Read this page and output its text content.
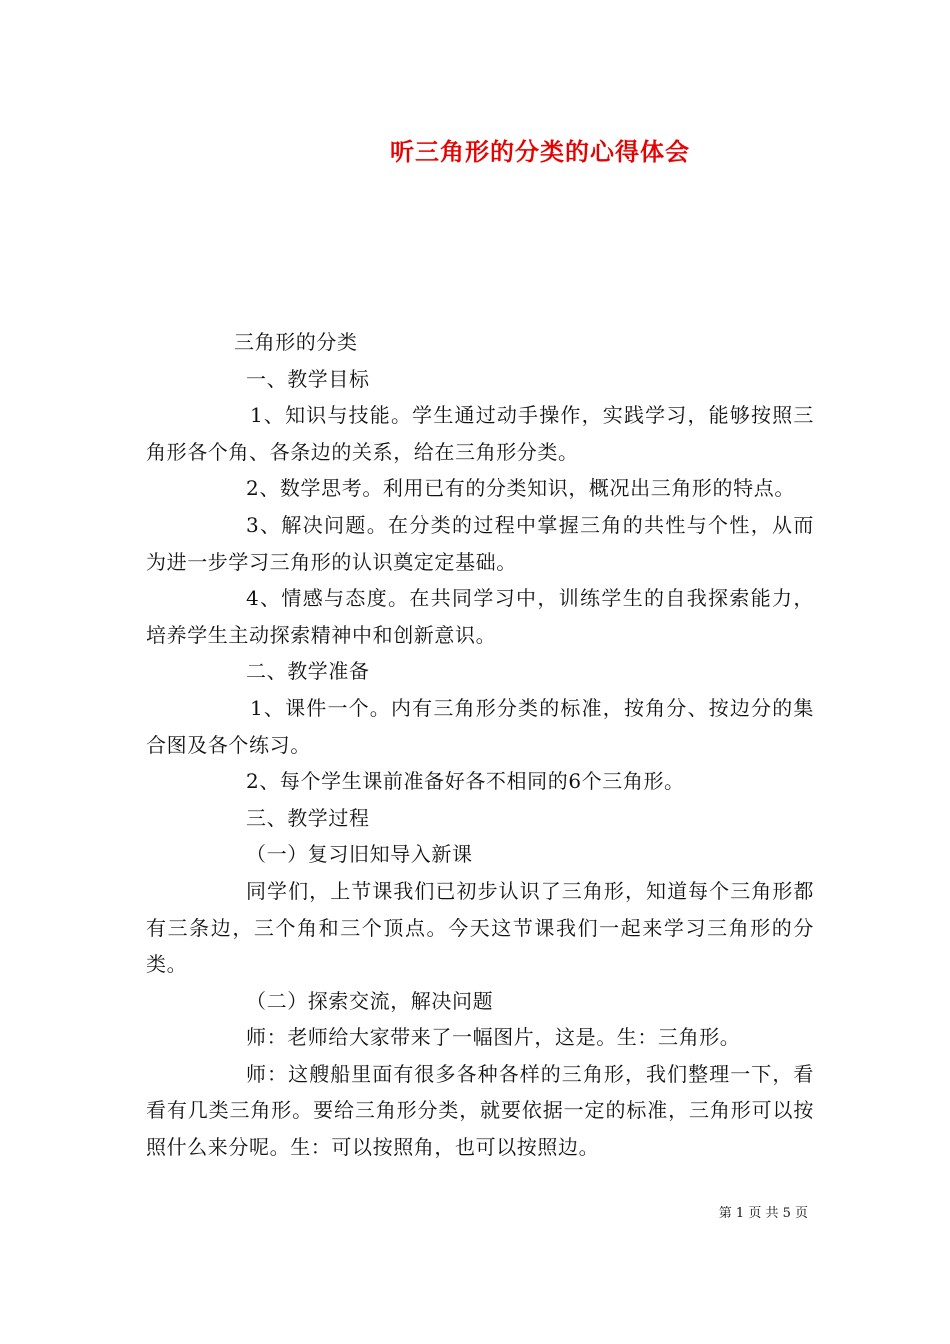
听三角形的分类的心得体会

三角形的分类

一、教学目标

1、知识与技能。学生通过动手操作，实践学习，能够按照三角形各个角、各条边的关系，给在三角形分类。

2、数学思考。利用已有的分类知识，概况出三角形的特点。

3、解决问题。在分类的过程中掌握三角的共性与个性，从而为进一步学习三角形的认识奠定定基础。

4、情感与态度。在共同学习中，训练学生的自我探索能力，培养学生主动探索精神中和创新意识。

二、教学准备

1、课件一个。内有三角形分类的标准，按角分、按边分的集合图及各个练习。

2、每个学生课前准备好各不相同的6个三角形。

三、教学过程

（一）复习旧知导入新课

同学们，上节课我们已初步认识了三角形，知道每个三角形都有三条边，三个角和三个顶点。今天这节课我们一起来学习三角形的分类。

（二）探索交流，解决问题

师：老师给大家带来了一幅图片，这是。生：三角形。

师：这艘船里面有很多各种各样的三角形，我们整理一下，看看有几类三角形。要给三角形分类，就要依据一定的标准，三角形可以按照什么来分呢。生：可以按照角，也可以按照边。

第 1 页 共 5 页
